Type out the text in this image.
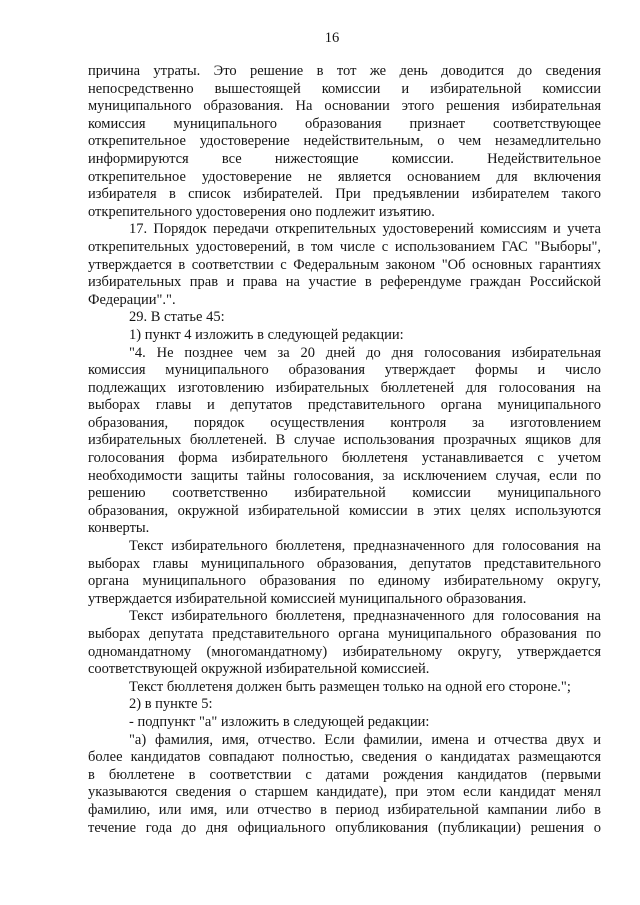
16
причина утраты. Это решение в тот же день доводится до сведения
непосредственно вышестоящей комиссии и избирательной комиссии
муниципального образования. На основании этого решения избирательная
комиссия муниципального образования признает соответствующее
открепительное удостоверение недействительным, о чем незамедлительно
информируются все нижестоящие комиссии. Недействительное
открепительное удостоверение не является основанием для включения
избирателя в список избирателей. При предъявлении избирателем такого
открепительного удостоверения оно подлежит изъятию.
17. Порядок передачи открепительных удостоверений комиссиям и учета
открепительных удостоверений, в том числе с использованием ГАС "Выборы",
утверждается в соответствии с Федеральным законом "Об основных гарантиях
избирательных прав и права на участие в референдуме граждан Российской
Федерации".".
29. В статье 45:
1) пункт 4 изложить в следующей редакции:
"4. Не позднее чем за 20 дней до дня голосования избирательная
комиссия муниципального образования утверждает формы и число
подлежащих изготовлению избирательных бюллетеней для голосования на
выборах главы и депутатов представительного органа муниципального
образования, порядок осуществления контроля за изготовлением
избирательных бюллетеней. В случае использования прозрачных ящиков для
голосования форма избирательного бюллетеня устанавливается с учетом
необходимости защиты тайны голосования, за исключением случая, если по
решению соответственно избирательной комиссии муниципального
образования, окружной избирательной комиссии в этих целях используются
конверты.
Текст избирательного бюллетеня, предназначенного для голосования на
выборах главы муниципального образования, депутатов представительного
органа муниципального образования по единому избирательному округу,
утверждается избирательной комиссией муниципального образования.
Текст избирательного бюллетеня, предназначенного для голосования на
выборах депутата представительного органа муниципального образования по
одномандатному (многомандатному) избирательному округу, утверждается
соответствующей окружной избирательной комиссией.
Текст бюллетеня должен быть размещен только на одной его стороне.";
2) в пункте 5:
- подпункт "а" изложить в следующей редакции:
"а) фамилия, имя, отчество. Если фамилии, имена и отчества двух и
более кандидатов совпадают полностью, сведения о кандидатах размещаются
в бюллетене в соответствии с датами рождения кандидатов (первыми
указываются сведения о старшем кандидате), при этом если кандидат менял
фамилию, или имя, или отчество в период избирательной кампании либо в
течение года до дня официального опубликования (публикации) решения о
